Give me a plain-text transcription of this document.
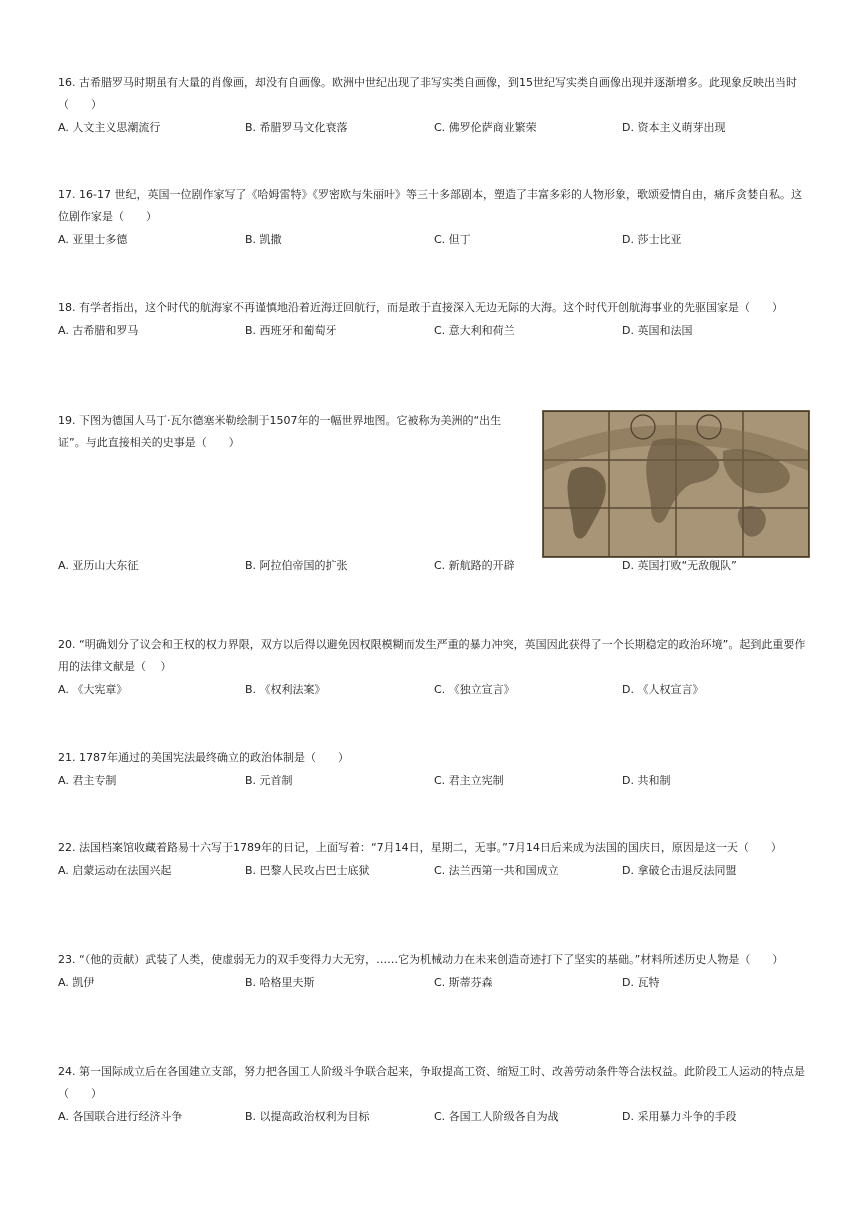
16. 古希腊罗马时期虽有大量的肖像画，却没有自画像。欧洲中世纪出现了非写实类自画像，到15世纪写实类自画像出现并逐渐增多。此现象反映出当时（　　）

A. 人文主义思潮流行	B. 希腊罗马文化衰落	C. 佛罗伦萨商业繁荣	D. 资本主义萌芽出现

17. 16-17 世纪，英国一位剧作家写了《哈姆雷特》《罗密欧与朱丽叶》等三十多部剧本，塑造了丰富多彩的人物形象，歌颂爱情自由，痛斥贪婪自私。这位剧作家是（　　）

A. 亚里士多德	B. 凯撒	C. 但丁	D. 莎士比亚

18. 有学者指出，这个时代的航海家不再谨慎地沿着近海迂回航行，而是敢于直接深入无边无际的大海。这个时代开创航海事业的先驱国家是（　　）

A. 古希腊和罗马	B. 西班牙和葡萄牙	C. 意大利和荷兰	D. 英国和法国

19. 下图为德国人马丁·瓦尔德塞米勒绘制于1507年的一幅世界地图。它被称为美洲的“出生证”。与此直接相关的史事是（　　）

A. 亚历山大东征	B. 阿拉伯帝国的扩张	C. 新航路的开辟	D. 英国打败“无敌舰队”

20. “明确划分了议会和王权的权力界限，双方以后得以避免因权限模糊而发生严重的暴力冲突，英国因此获得了一个长期稳定的政治环境”。起到此重要作用的法律文献是（　 ）

A. 《大宪章》	B. 《权利法案》	C. 《独立宣言》	D. 《人权宣言》

21. 1787年通过的美国宪法最终确立的政治体制是（　　）

A. 君主专制	B. 元首制	C. 君主立宪制	D. 共和制

22. 法国档案馆收藏着路易十六写于1789年的日记，上面写着：“7月14日，星期二，无事。”7月14日后来成为法国的国庆日，原因是这一天（　　）

A. 启蒙运动在法国兴起	B. 巴黎人民攻占巴士底狱	C. 法兰西第一共和国成立	D. 拿破仑击退反法同盟

23. “（他的贡献）武装了人类，使虚弱无力的双手变得力大无穷，……它为机械动力在未来创造奇迹打下了坚实的基础。”材料所述历史人物是（　　）

A. 凯伊	B. 哈格里夫斯	C. 斯蒂芬森	D. 瓦特

24. 第一国际成立后在各国建立支部，努力把各国工人阶级斗争联合起来，争取提高工资、缩短工时、改善劳动条件等合法权益。此阶段工人运动的特点是（　　）

A. 各国联合进行经济斗争	B. 以提高政治权利为目标	C. 各国工人阶级各自为战	D. 采用暴力斗争的手段
